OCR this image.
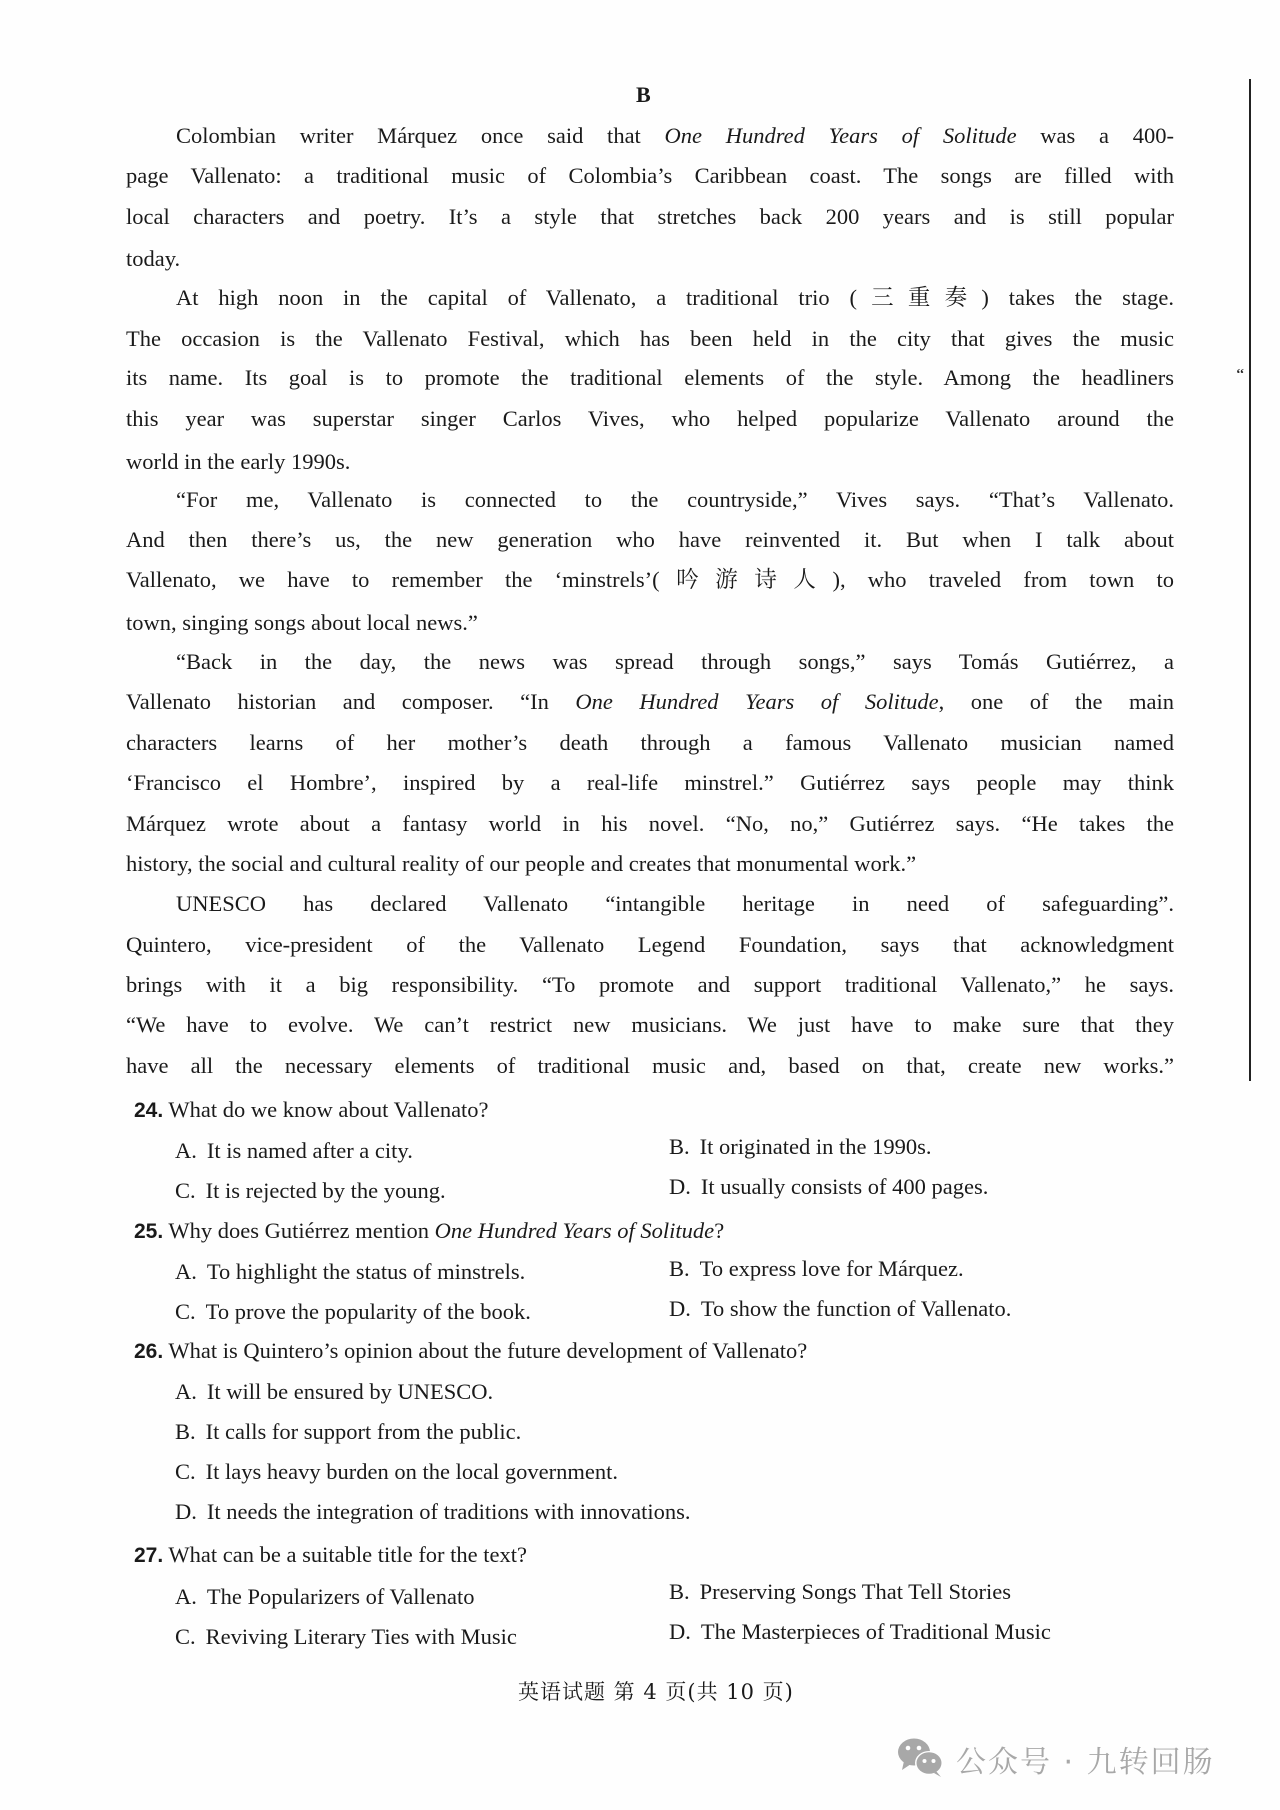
B
Colombian writer Márquez once said that One Hundred Years of Solitude was a 400-
page Vallenato: a traditional music of Colombia’s Caribbean coast. The songs are filled with
local characters and poetry. It’s a style that stretches back 200 years and is still popular
today.
At high noon in the capital of Vallenato, a traditional trio (三重奏) takes the stage.
The occasion is the Vallenato Festival, which has been held in the city that gives the music
its name. Its goal is to promote the traditional elements of the style. Among the headliners
this year was superstar singer Carlos Vives, who helped popularize Vallenato around the
world in the early 1990s.
“For me, Vallenato is connected to the countryside,” Vives says. “That’s Vallenato.
And then there’s us, the new generation who have reinvented it. But when I talk about
Vallenato, we have to remember the ‘minstrels’(吟游诗人), who traveled from town to
town, singing songs about local news.”
“Back in the day, the news was spread through songs,” says Tomás Gutiérrez, a
Vallenato historian and composer. “In One Hundred Years of Solitude, one of the main
characters learns of her mother’s death through a famous Vallenato musician named
‘Francisco el Hombre’, inspired by a real-life minstrel.” Gutiérrez says people may think
Márquez wrote about a fantasy world in his novel. “No, no,” Gutiérrez says. “He takes the
history, the social and cultural reality of our people and creates that monumental work.”
UNESCO has declared Vallenato “intangible heritage in need of safeguarding”.
Quintero, vice-president of the Vallenato Legend Foundation, says that acknowledgment
brings with it a big responsibility. “To promote and support traditional Vallenato,” he says.
“We have to evolve. We can’t restrict new musicians. We just have to make sure that they
have all the necessary elements of traditional music and, based on that, create new works.”
24. What do we know about Vallenato?
A. It is named after a city.	B. It originated in the 1990s.
C. It is rejected by the young.	D. It usually consists of 400 pages.
25. Why does Gutiérrez mention One Hundred Years of Solitude?
A. To highlight the status of minstrels.	B. To express love for Márquez.
C. To prove the popularity of the book.	D. To show the function of Vallenato.
26. What is Quintero’s opinion about the future development of Vallenato?
A. It will be ensured by UNESCO.
B. It calls for support from the public.
C. It lays heavy burden on the local government.
D. It needs the integration of traditions with innovations.
27. What can be a suitable title for the text?
A. The Popularizers of Vallenato	B. Preserving Songs That Tell Stories
C. Reviving Literary Ties with Music	D. The Masterpieces of Traditional Music
‘‘
英语试题 第 4 页(共 10 页)
公众号 · 九转回肠
